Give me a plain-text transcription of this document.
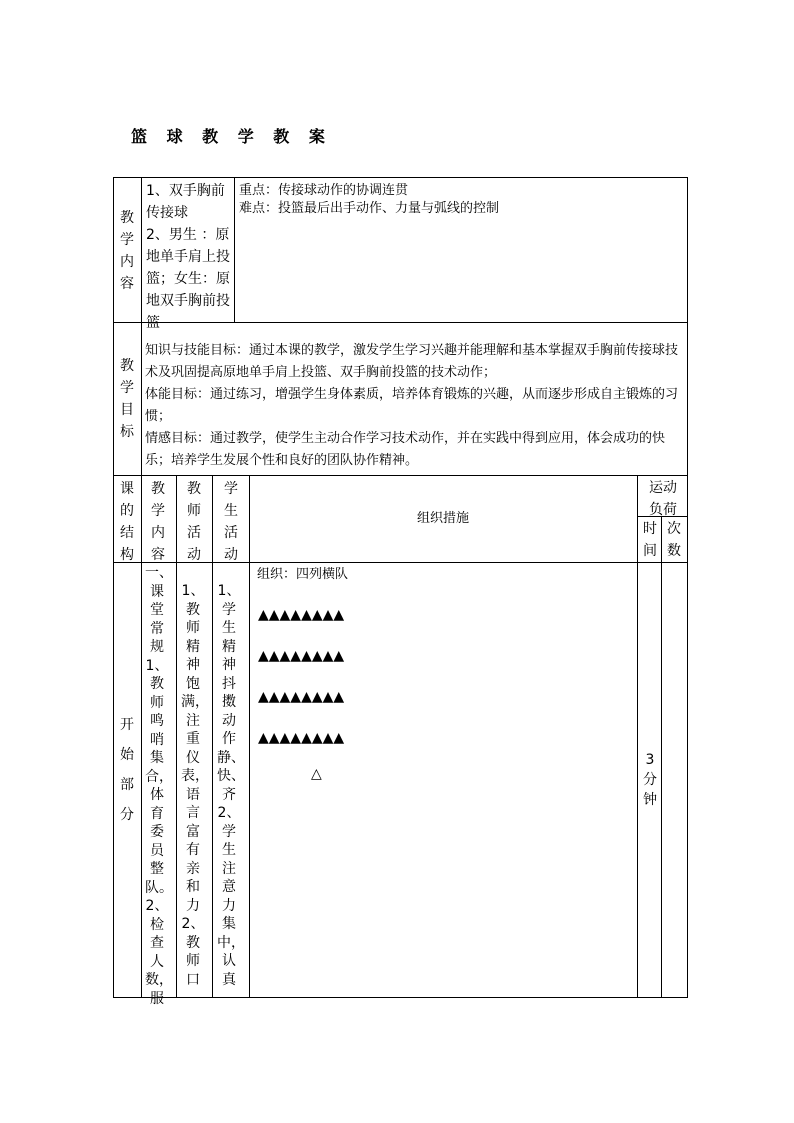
篮 球 教 学 教 案
教学内容
1、双手胸前传接球
2、男生 ：原地单手肩上投篮；女生：原地双手胸前投篮
重点：传接球动作的协调连贯
难点：投篮最后出手动作、力量与弧线的控制
教学目标
知识与技能目标：通过本课的教学，激发学生学习兴趣并能理解和基本掌握双手胸前传接球技术及巩固提高原地单手肩上投篮、双手胸前投篮的技术动作；
体能目标：通过练习，增强学生身体素质，培养体育锻炼的兴趣，从而逐步形成自主锻炼的习惯；
情感目标：通过教学，使学生主动合作学习技术动作，并在实践中得到应用，体会成功的快乐；培养学生发展个性和良好的团队协作精神。
课的结构
教学内容
教师活动
学生活动
组织措施
运动负荷
时间
次数
开始部分
一、课堂常规1、教师鸣哨集合，体育委员整队。2、检查人数，服
1、教师精神饱满，注重仪表，语言富有亲和力 2、教师口
1、学生精神抖擞动作静、快、齐 2、学生注意力集中，认真
组织：四列横队
▲▲▲▲▲▲▲▲
▲▲▲▲▲▲▲▲
▲▲▲▲▲▲▲▲
▲▲▲▲▲▲▲▲
△
3分钟
